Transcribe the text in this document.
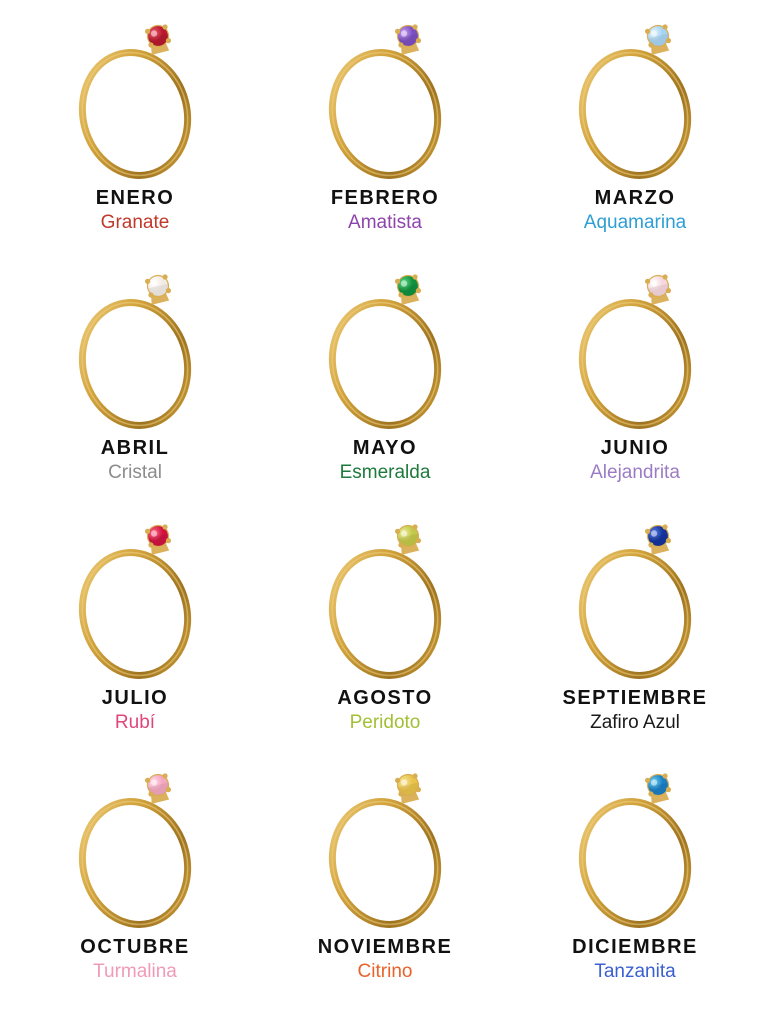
ENERO
Granate
FEBRERO
Amatista
MARZO
Aquamarina
ABRIL
Cristal
MAYO
Esmeralda
JUNIO
Alejandrita
JULIO
Rubí
AGOSTO
Peridoto
SEPTIEMBRE
Zafiro Azul
OCTUBRE
Turmalina
NOVIEMBRE
Citrino
DICIEMBRE
Tanzanita
